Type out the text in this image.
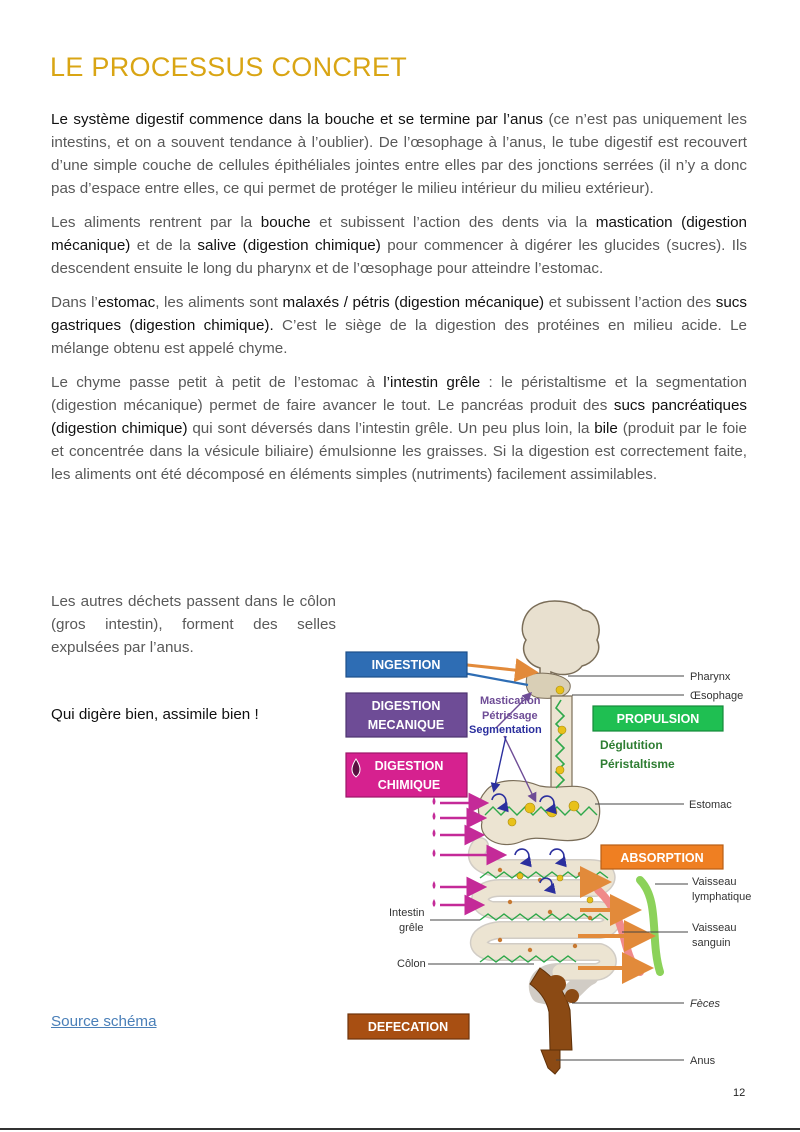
LE PROCESSUS CONCRET

Le système digestif commence dans la bouche et se termine par l’anus (ce n’est pas uniquement les intestins, et on a souvent tendance à l’oublier). De l’œsophage à l’anus, le tube digestif est recouvert d’une simple couche de cellules épithéliales jointes entre elles par des jonctions serrées (il n’y a donc pas d’espace entre elles, ce qui permet de protéger le milieu intérieur du milieu extérieur).

Les aliments rentrent par la bouche et subissent l’action des dents via la mastication (digestion mécanique) et de la salive (digestion chimique) pour commencer à digérer les glucides (sucres). Ils descendent ensuite le long du pharynx et de l’œsophage pour atteindre l’estomac.

Dans l’estomac, les aliments sont malaxés / pétris (digestion mécanique) et subissent l’action des sucs gastriques (digestion chimique). C’est le siège de la digestion des protéines en milieu acide. Le mélange obtenu est appelé chyme.

Le chyme passe petit à petit de l’estomac à l’intestin grêle : le péristaltisme et la segmentation (digestion mécanique) permet de faire avancer le tout. Le pancréas produit des sucs pancréatiques (digestion chimique) qui sont déversés dans l’intestin grêle. Un peu plus loin, la bile (produit par le foie et concentrée dans la vésicule biliaire) émulsionne les graisses. Si la digestion est correctement faite, les aliments ont été décomposé en éléments simples (nutriments) facilement assimilables.

Les autres déchets passent dans le côlon (gros intestin), forment des selles expulsées par l’anus.
Qui digère bien, assimile bien !
Source schéma
12
Pharynx
Œsophage
Estomac
Vaisseau
lymphatique
Vaisseau
sanguin
Fèces
Anus
Intestin
grêle
Côlon
Mastication
Pétrissage
Segmentation
Déglutition
Péristaltisme
INGESTION
DIGESTION
MECANIQUE
DIGESTION
CHIMIQUE
PROPULSION
ABSORPTION
DEFECATION
